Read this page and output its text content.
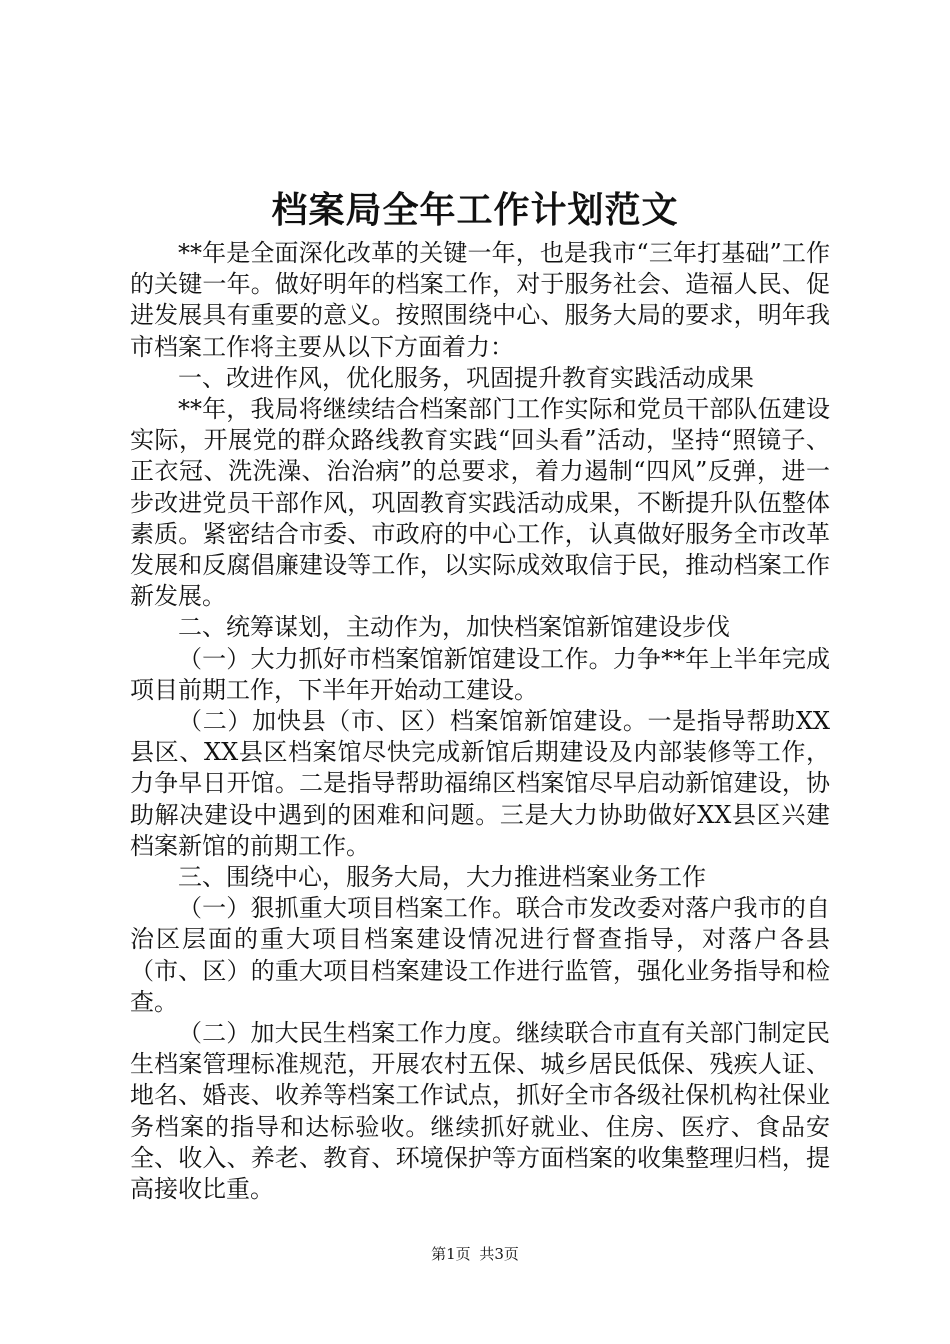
档案局全年工作计划范文

**年是全面深化改革的关键一年，也是我市“三年打基础”工作的关键一年。做好明年的档案工作，对于服务社会、造福人民、促进发展具有重要的意义。按照围绕中心、服务大局的要求，明年我市档案工作将主要从以下方面着力：

一、改进作风，优化服务，巩固提升教育实践活动成果

**年，我局将继续结合档案部门工作实际和党员干部队伍建设实际，开展党的群众路线教育实践“回头看”活动，坚持“照镜子、正衣冠、洗洗澡、治治病”的总要求，着力遏制“四风”反弹，进一步改进党员干部作风，巩固教育实践活动成果，不断提升队伍整体素质。紧密结合市委、市政府的中心工作，认真做好服务全市改革发展和反腐倡廉建设等工作，以实际成效取信于民，推动档案工作新发展。

二、统筹谋划，主动作为，加快档案馆新馆建设步伐

（一）大力抓好市档案馆新馆建设工作。力争**年上半年完成项目前期工作，下半年开始动工建设。

（二）加快县（市、区）档案馆新馆建设。一是指导帮助XX县区、XX县区档案馆尽快完成新馆后期建设及内部装修等工作，力争早日开馆。二是指导帮助福绵区档案馆尽早启动新馆建设，协助解决建设中遇到的困难和问题。三是大力协助做好XX县区兴建档案新馆的前期工作。

三、围绕中心，服务大局，大力推进档案业务工作

（一）狠抓重大项目档案工作。联合市发改委对落户我市的自治区层面的重大项目档案建设情况进行督查指导，对落户各县（市、区）的重大项目档案建设工作进行监管，强化业务指导和检查。

（二）加大民生档案工作力度。继续联合市直有关部门制定民生档案管理标准规范，开展农村五保、城乡居民低保、残疾人证、地名、婚丧、收养等档案工作试点，抓好全市各级社保机构社保业务档案的指导和达标验收。继续抓好就业、住房、医疗、食品安全、收入、养老、教育、环境保护等方面档案的收集整理归档，提高接收比重。

第1页 共3页
